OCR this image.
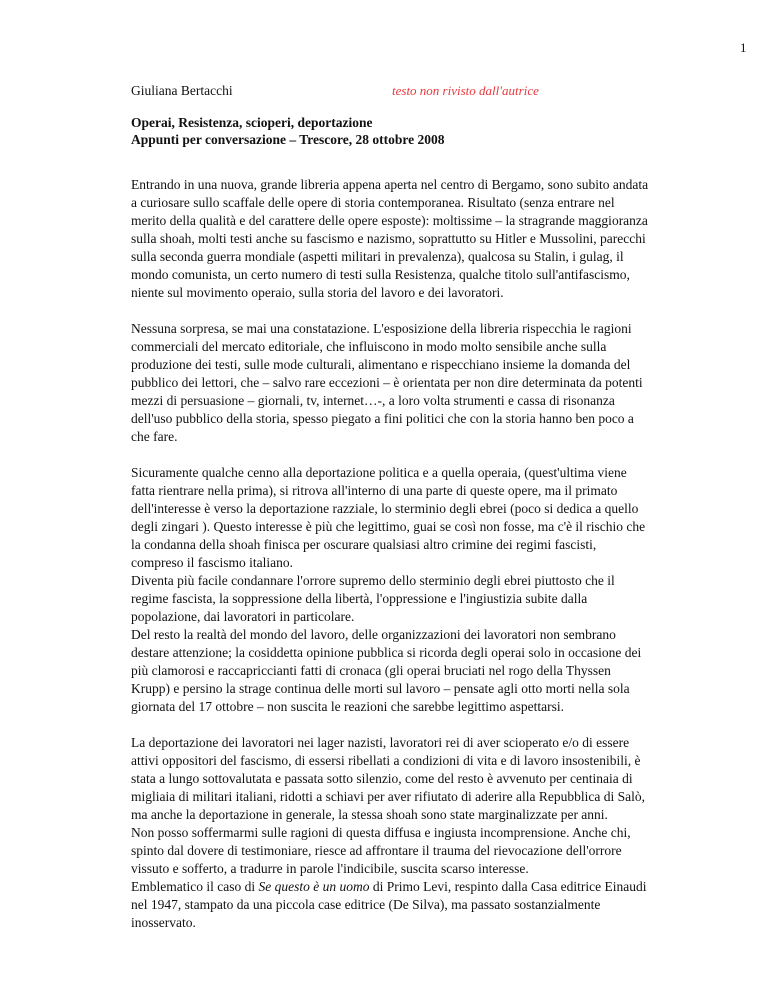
1
Giuliana Bertacchi	testo non rivisto dall'autrice
Operai, Resistenza, scioperi, deportazione
Appunti per conversazione – Trescore, 28 ottobre 2008

Entrando in una nuova, grande libreria appena aperta nel centro di Bergamo, sono subito andata a curiosare sullo scaffale delle opere di storia contemporanea. Risultato (senza entrare nel merito della qualità e del carattere delle opere esposte): moltissime – la stragrande maggioranza sulla shoah, molti testi anche su fascismo e nazismo, soprattutto su Hitler e Mussolini, parecchi sulla seconda guerra mondiale (aspetti militari in prevalenza), qualcosa su Stalin, i gulag, il mondo comunista, un certo numero di testi sulla Resistenza, qualche titolo sull'antifascismo, niente sul movimento operaio, sulla storia del lavoro e dei lavoratori.

Nessuna sorpresa, se mai una constatazione. L'esposizione della libreria rispecchia le ragioni commerciali del mercato editoriale, che influiscono in modo molto sensibile anche sulla produzione dei testi, sulle mode culturali, alimentano e rispecchiano insieme la domanda del pubblico dei lettori, che – salvo rare eccezioni – è orientata per non dire determinata da potenti mezzi di persuasione – giornali, tv, internet…-, a loro volta strumenti e cassa di risonanza dell'uso pubblico della storia, spesso piegato a fini politici che con la storia hanno ben poco a che fare.

Sicuramente qualche cenno alla deportazione politica e a quella operaia, (quest'ultima viene fatta rientrare nella prima), si ritrova all'interno di una parte di queste opere, ma il primato dell'interesse è verso la deportazione razziale, lo sterminio degli ebrei (poco si dedica a quello degli zingari ). Questo interesse è più che legittimo, guai se così non fosse, ma c'è il rischio che la condanna della shoah finisca per oscurare qualsiasi altro crimine dei regimi fascisti, compreso il fascismo italiano.

Diventa più facile condannare l'orrore supremo dello sterminio degli ebrei piuttosto che il regime fascista, la soppressione della libertà, l'oppressione e l'ingiustizia subite dalla popolazione, dai lavoratori in particolare.

Del resto la realtà del mondo del lavoro, delle organizzazioni dei lavoratori non sembrano destare attenzione; la cosiddetta opinione pubblica si ricorda degli operai solo in occasione dei più clamorosi e raccapriccianti fatti di cronaca (gli operai bruciati nel rogo della Thyssen Krupp) e persino la strage continua delle morti sul lavoro – pensate agli otto morti nella sola giornata del 17 ottobre – non suscita le reazioni che sarebbe legittimo aspettarsi.

La deportazione dei lavoratori nei lager nazisti, lavoratori rei di aver scioperato e/o di essere attivi oppositori del fascismo, di essersi ribellati a condizioni di vita e di lavoro insostenibili, è stata a lungo sottovalutata e passata sotto silenzio, come del resto è avvenuto per centinaia di migliaia di militari italiani, ridotti a schiavi per aver rifiutato di aderire alla Repubblica di Salò, ma anche la deportazione in generale, la stessa shoah sono state marginalizzate per anni.

Non posso soffermarmi sulle ragioni di questa diffusa e ingiusta incomprensione. Anche chi, spinto dal dovere di testimoniare, riesce ad affrontare il trauma del rievocazione dell'orrore vissuto e sofferto, a tradurre in parole l'indicibile, suscita scarso interesse.

Emblematico il caso di Se questo è un uomo di Primo Levi, respinto dalla Casa editrice Einaudi nel 1947, stampato da una piccola case editrice (De Silva), ma passato sostanzialmente inosservato.
